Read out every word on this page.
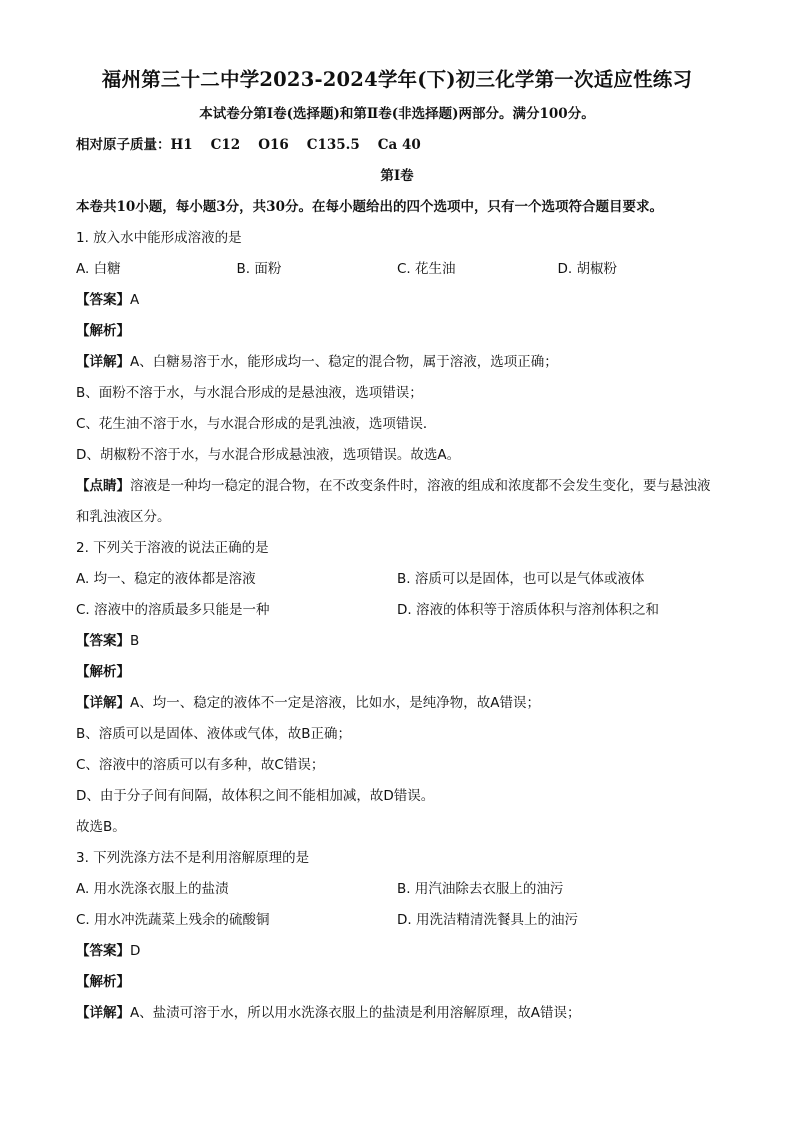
福州第三十二中学2023-2024学年(下)初三化学第一次适应性练习
本试卷分第Ⅰ卷(选择题)和第Ⅱ卷(非选择题)两部分。满分100分。
相对原子质量：H1 C12 O16 C135.5 Ca 40
第Ⅰ卷
本卷共10小题，每小题3分，共30分。在每小题给出的四个选项中，只有一个选项符合题目要求。
1. 放入水中能形成溶液的是
A. 白糖	B. 面粉	C. 花生油	D. 胡椒粉
【答案】A
【解析】
【详解】A、白糖易溶于水，能形成均一、稳定的混合物，属于溶液，选项正确；
B、面粉不溶于水，与水混合形成的是悬浊液，选项错误；
C、花生油不溶于水，与水混合形成的是乳浊液，选项错误．
D、胡椒粉不溶于水，与水混合形成悬浊液，选项错误。故选A。
【点睛】溶液是一种均一稳定的混合物，在不改变条件时，溶液的组成和浓度都不会发生变化，要与悬浊液和乳浊液区分。
2. 下列关于溶液的说法正确的是
A. 均一、稳定的液体都是溶液	B. 溶质可以是固体，也可以是气体或液体
C. 溶液中的溶质最多只能是一种	D. 溶液的体积等于溶质体积与溶剂体积之和
【答案】B
【解析】
【详解】A、均一、稳定的液体不一定是溶液，比如水，是纯净物，故A错误；
B、溶质可以是固体、液体或气体，故B正确；
C、溶液中的溶质可以有多种，故C错误；
D、由于分子间有间隔，故体积之间不能相加减，故D错误。
故选B。
3. 下列洗涤方法不是利用溶解原理的是
A. 用水洗涤衣服上的盐渍	B. 用汽油除去衣服上的油污
C. 用水冲洗蔬菜上残余的硫酸铜	D. 用洗洁精清洗餐具上的油污
【答案】D
【解析】
【详解】A、盐渍可溶于水，所以用水洗涤衣服上的盐渍是利用溶解原理，故A错误；
